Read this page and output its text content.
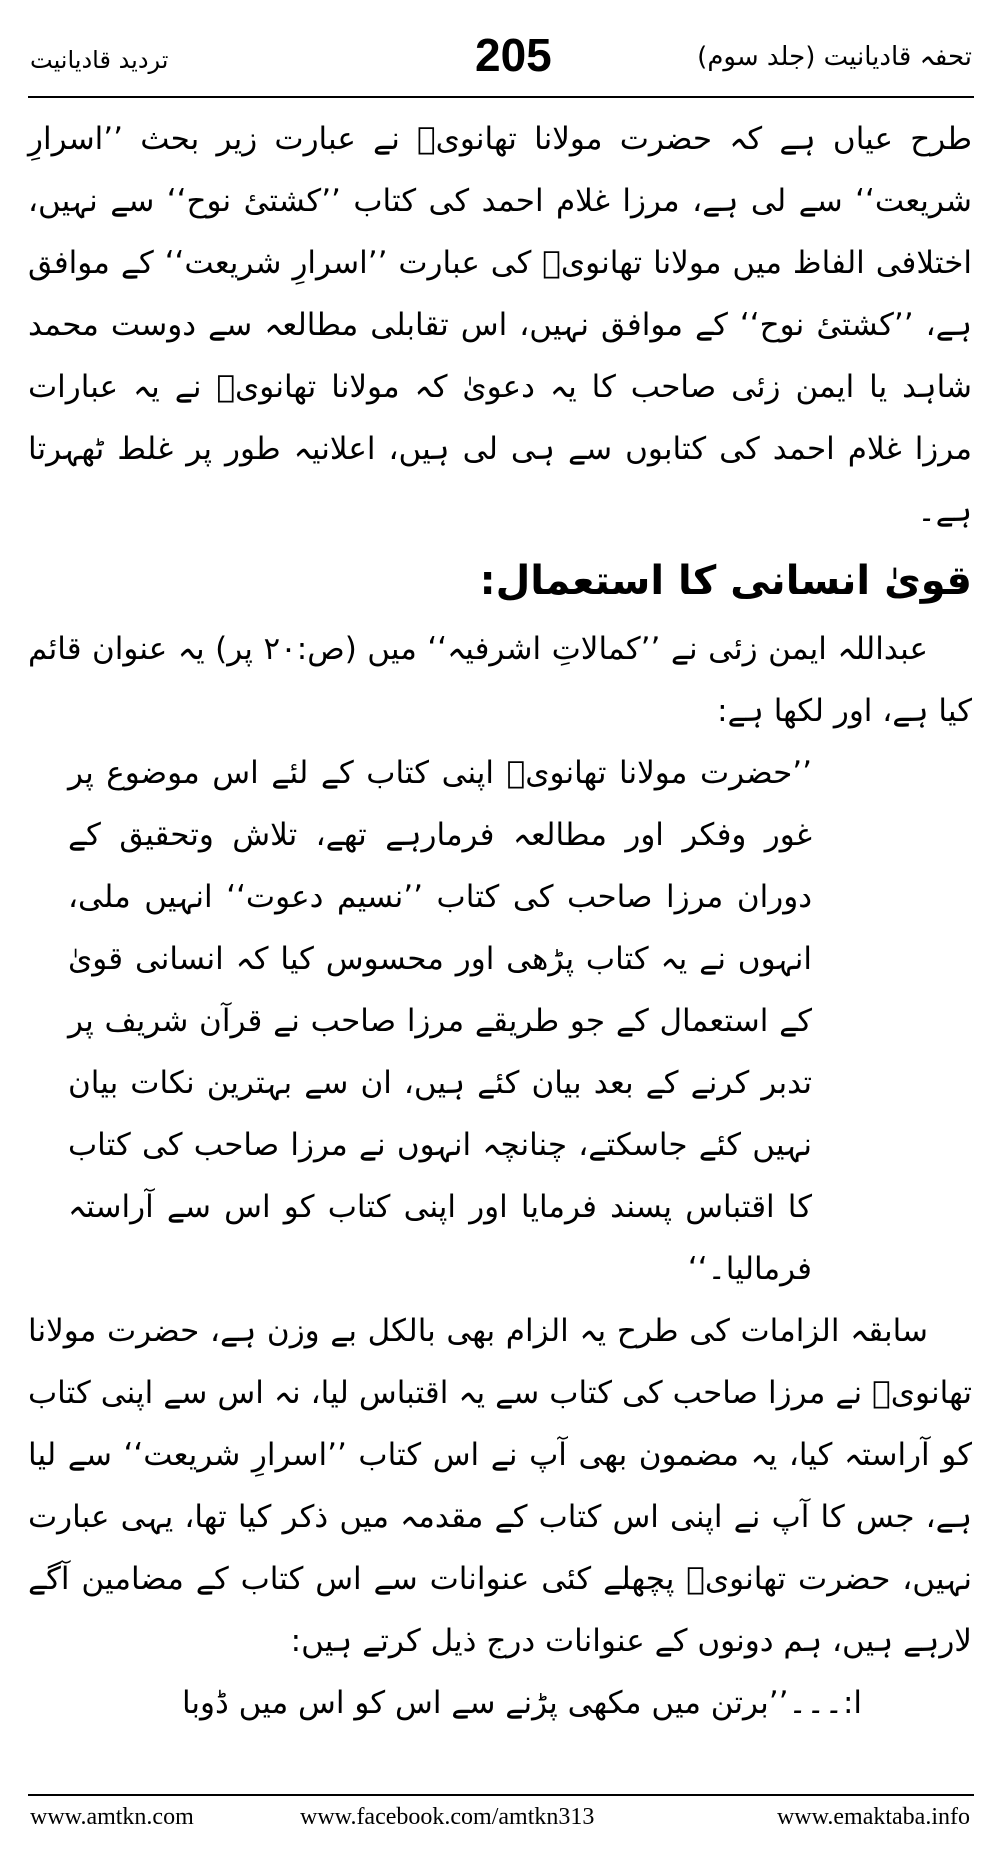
تحفہ قادیانیت (جلد سوم)
205
تردید قادیانیت

طرح عیاں ہے کہ حضرت مولانا تھانویؒ نے عبارت زیر بحث ’’اسرارِ شریعت‘‘ سے لی ہے، مرزا غلام احمد کی کتاب ’’کشتیٔ نوح‘‘ سے نہیں، اختلافی الفاظ میں مولانا تھانویؒ کی عبارت ’’اسرارِ شریعت‘‘ کے موافق ہے، ’’کشتیٔ نوح‘‘ کے موافق نہیں، اس تقابلی مطالعہ سے دوست محمد شاہد یا ایمن زئی صاحب کا یہ دعویٰ کہ مولانا تھانویؒ نے یہ عبارات مرزا غلام احمد کی کتابوں سے ہی لی ہیں، اعلانیہ طور پر غلط ٹھہرتا ہے۔

قویٰ انسانی کا استعمال:

عبداللہ ایمن زئی نے ’’کمالاتِ اشرفیہ‘‘ میں (ص:۲۰ پر) یہ عنوان قائم کیا ہے، اور لکھا ہے:

’’حضرت مولانا تھانویؒ اپنی کتاب کے لئے اس موضوع پر غور وفکر اور مطالعہ فرمارہے تھے، تلاش وتحقیق کے دوران مرزا صاحب کی کتاب ’’نسیم دعوت‘‘ انہیں ملی، انہوں نے یہ کتاب پڑھی اور محسوس کیا کہ انسانی قویٰ کے استعمال کے جو طریقے مرزا صاحب نے قرآن شریف پر تدبر کرنے کے بعد بیان کئے ہیں، ان سے بہترین نکات بیان نہیں کئے جاسکتے، چنانچہ انہوں نے مرزا صاحب کی کتاب کا اقتباس پسند فرمایا اور اپنی کتاب کو اس سے آراستہ فرمالیا۔‘‘

سابقہ الزامات کی طرح یہ الزام بھی بالکل بے وزن ہے، حضرت مولانا تھانویؒ نے مرزا صاحب کی کتاب سے یہ اقتباس لیا، نہ اس سے اپنی کتاب کو آراستہ کیا، یہ مضمون بھی آپ نے اس کتاب ’’اسرارِ شریعت‘‘ سے لیا ہے، جس کا آپ نے اپنی اس کتاب کے مقدمہ میں ذکر کیا تھا، یہی عبارت نہیں، حضرت تھانویؒ پچھلے کئی عنوانات سے اس کتاب کے مضامین آگے لارہے ہیں، ہم دونوں کے عنوانات درج ذیل کرتے ہیں:

ا:۔۔۔’’برتن میں مکھی پڑنے سے اس کو اس میں ڈوبا

www.amtkn.com	www.facebook.com/amtkn313	www.emaktaba.info
